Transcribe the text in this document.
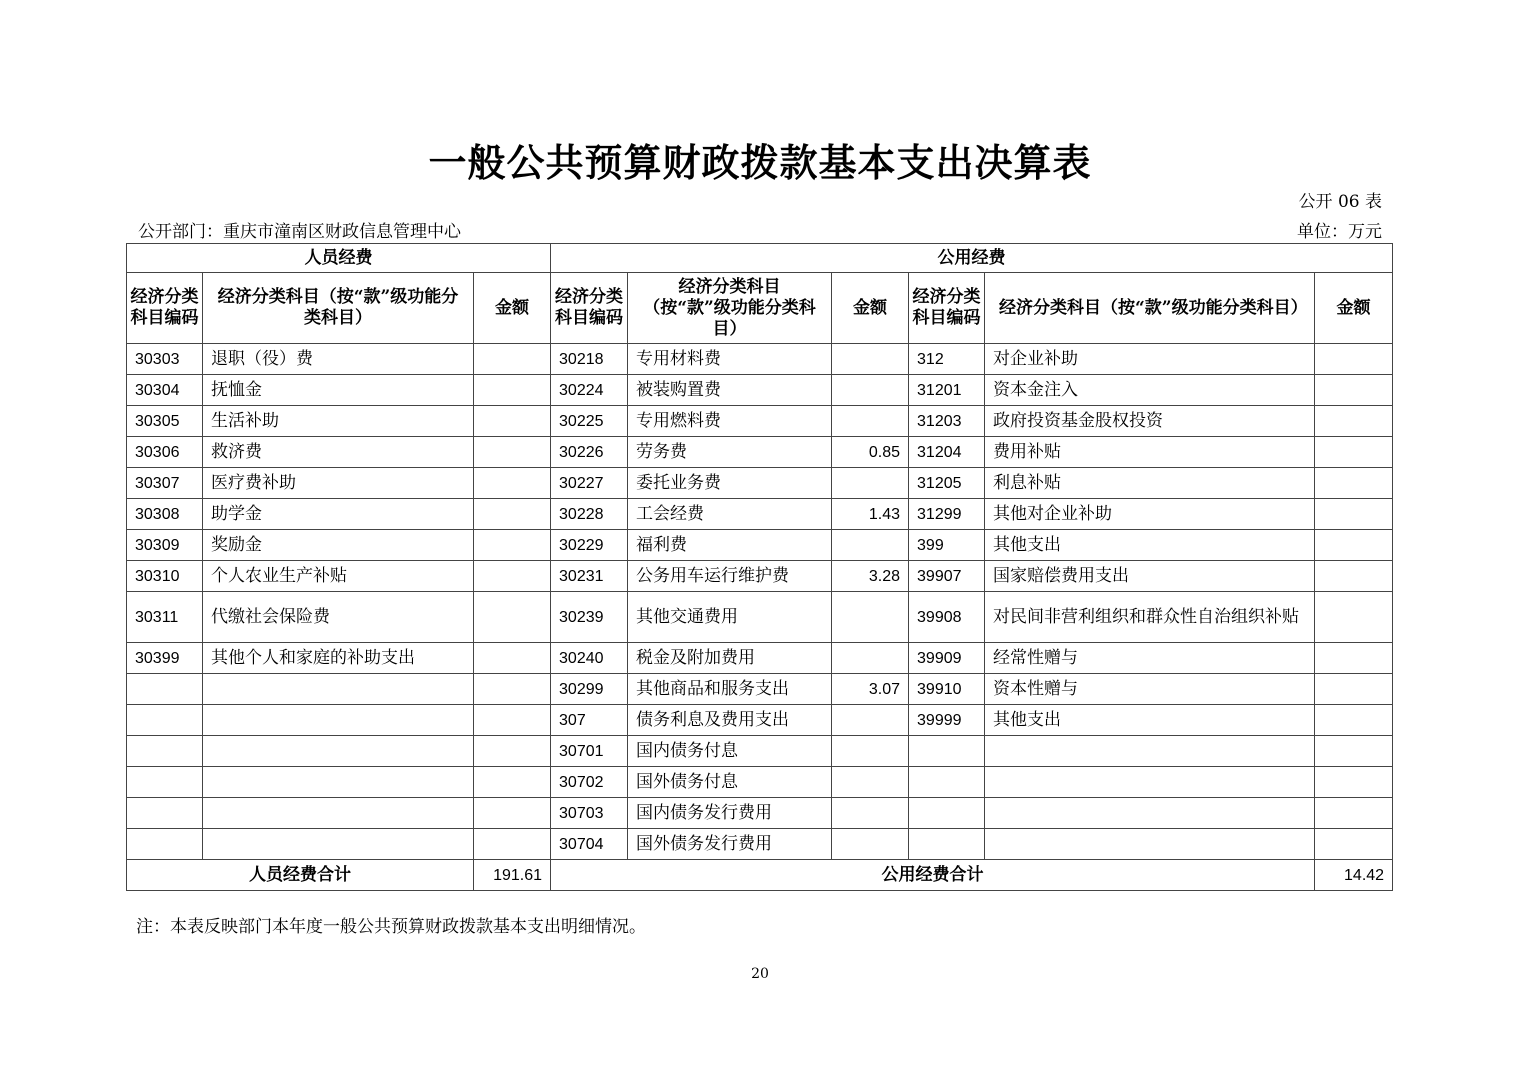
一般公共预算财政拨款基本支出决算表
公开 06 表
公开部门：重庆市潼南区财政信息管理中心	单位：万元
人员经费			公用经费					
经济分类科目编码	经济分类科目（按“款”级功能分类科目）	金额	经济分类科目编码	经济分类科目（按“款”级功能分类科目）	金额	经济分类科目编码	经济分类科目（按“款”级功能分类科目）	金额
30303	退职（役）费		30218	专用材料费		312	对企业补助	
30304	抚恤金		30224	被装购置费		31201	资本金注入	
30305	生活补助		30225	专用燃料费		31203	政府投资基金股权投资	
30306	救济费		30226	劳务费	0.85	31204	费用补贴	
30307	医疗费补助		30227	委托业务费		31205	利息补贴	
30308	助学金		30228	工会经费	1.43	31299	其他对企业补助	
30309	奖励金		30229	福利费		399	其他支出	
30310	个人农业生产补贴		30231	公务用车运行维护费	3.28	39907	国家赔偿费用支出	
30311	代缴社会保险费		30239	其他交通费用		39908	对民间非营利组织和群众性自治组织补贴	
30399	其他个人和家庭的补助支出		30240	税金及附加费用		39909	经常性赠与	
			30299	其他商品和服务支出	3.07	39910	资本性赠与	
			307	债务利息及费用支出		39999	其他支出	
			30701	国内债务付息				
			30702	国外债务付息				
			30703	国内债务发行费用				
			30704	国外债务发行费用				
人员经费合计		191.61	公用经费合计					14.42
注：本表反映部门本年度一般公共预算财政拨款基本支出明细情况。
20
